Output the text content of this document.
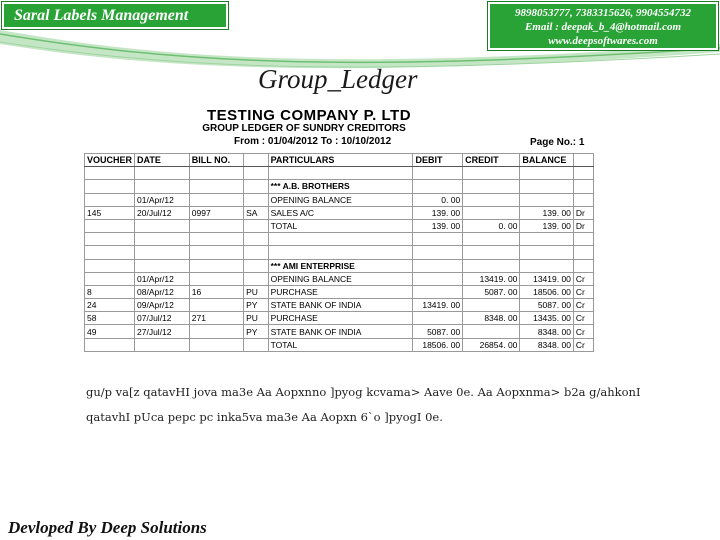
Saral Labels Management	9898053777, 7383315626, 9904554732
Email : deepak_b_4@hotmail.com
www.deepsoftwares.com
Group_Ledger
TESTING COMPANY P. LTD
GROUP LEDGER OF SUNDRY CREDITORS
From : 01/04/2012 To : 10/10/2012	Page No.: 1
VOUCHER	DATE	BILL NO.		PARTICULARS	DEBIT	CREDIT	BALANCE	

				*** A.B. BROTHERS				
	01/Apr/12			OPENING BALANCE	0. 00			
145	20/Jul/12	0997	SA	SALES A/C	139. 00		139. 00	Dr
				TOTAL	139. 00	0. 00	139. 00	Dr

				*** AMI ENTERPRISE				
	01/Apr/12			OPENING BALANCE		13419. 00	13419. 00	Cr
8	08/Apr/12	16	PU	PURCHASE		5087. 00	18506. 00	Cr
24	09/Apr/12		PY	STATE BANK OF INDIA	13419. 00		5087. 00	Cr
58	07/Jul/12	271	PU	PURCHASE		8348. 00	13435. 00	Cr
49	27/Jul/12		PY	STATE BANK OF INDIA	5087. 00		8348. 00	Cr
				TOTAL	18506. 00	26854. 00	8348. 00	Cr
gu/p va[z qatavHI jova ma3e Aa Aopxnno ]pyog kcvama> Aave 0e. Aa Aopxnma> b2a g/ahkonI qatavhI pUca pepc pc inka5va ma3e Aa Aopxn 6`o ]pyogI 0e.
Devloped By Deep Solutions
